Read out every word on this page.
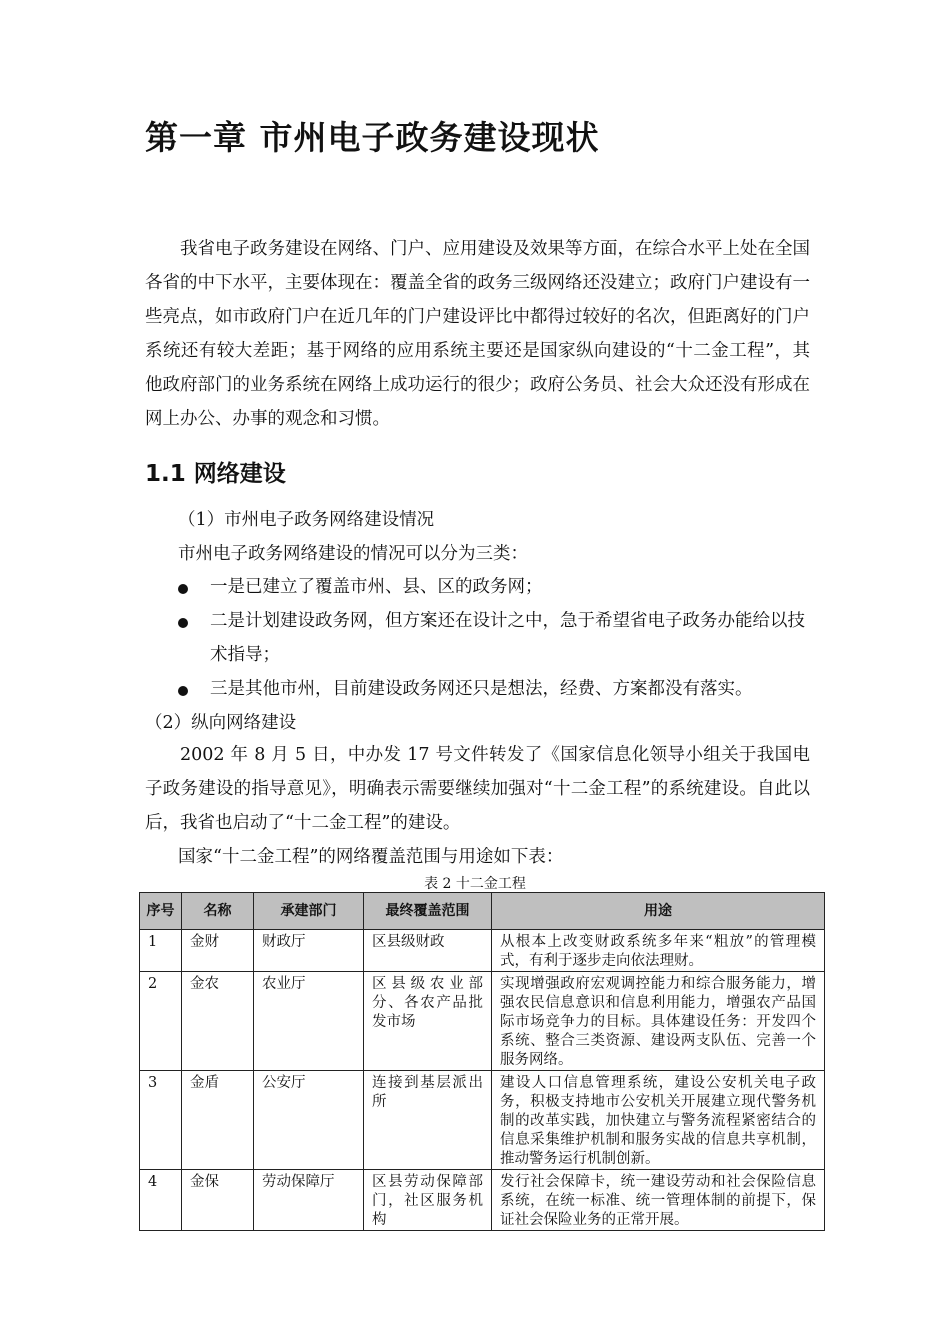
第一章 市州电子政务建设现状

我省电子政务建设在网络、门户、应用建设及效果等方面，在综合水平上处在全国各省的中下水平，主要体现在：覆盖全省的政务三级网络还没建立；政府门户建设有一些亮点，如市政府门户在近几年的门户建设评比中都得过较好的名次，但距离好的门户系统还有较大差距；基于网络的应用系统主要还是国家纵向建设的“十二金工程”，其他政府部门的业务系统在网络上成功运行的很少；政府公务员、社会大众还没有形成在网上办公、办事的观念和习惯。

1.1 网络建设

（1）市州电子政务网络建设情况

市州电子政务网络建设的情况可以分为三类：

一是已建立了覆盖市州、县、区的政务网；
二是计划建设政务网，但方案还在设计之中，急于希望省电子政务办能给以技术指导；
三是其他市州，目前建设政务网还只是想法，经费、方案都没有落实。

（2）纵向网络建设

2002 年 8 月 5 日，中办发 17 号文件转发了《国家信息化领导小组关于我国电子政务建设的指导意见》，明确表示需要继续加强对“十二金工程”的系统建设。自此以后，我省也启动了“十二金工程”的建设。

国家“十二金工程”的网络覆盖范围与用途如下表：

表 2 十二金工程

序号	名称	承建部门	最终覆盖范围	用途
1	金财	财政厅	区县级财政	从根本上改变财政系统多年来“粗放”的管理模式，有利于逐步走向依法理财。
2	金农	农业厅	区县级农业部分、各农产品批发市场	实现增强政府宏观调控能力和综合服务能力，增强农民信息意识和信息利用能力，增强农产品国际市场竞争力的目标。具体建设任务：开发四个系统、整合三类资源、建设两支队伍、完善一个服务网络。
3	金盾	公安厅	连接到基层派出所	建设人口信息管理系统，建设公安机关电子政务，积极支持地市公安机关开展建立现代警务机制的改革实践，加快建立与警务流程紧密结合的信息采集维护机制和服务实战的信息共享机制，推动警务运行机制创新。
4	金保	劳动保障厅	区县劳动保障部门，社区服务机构	发行社会保障卡，统一建设劳动和社会保险信息系统，在统一标准、统一管理体制的前提下，保证社会保险业务的正常开展。
